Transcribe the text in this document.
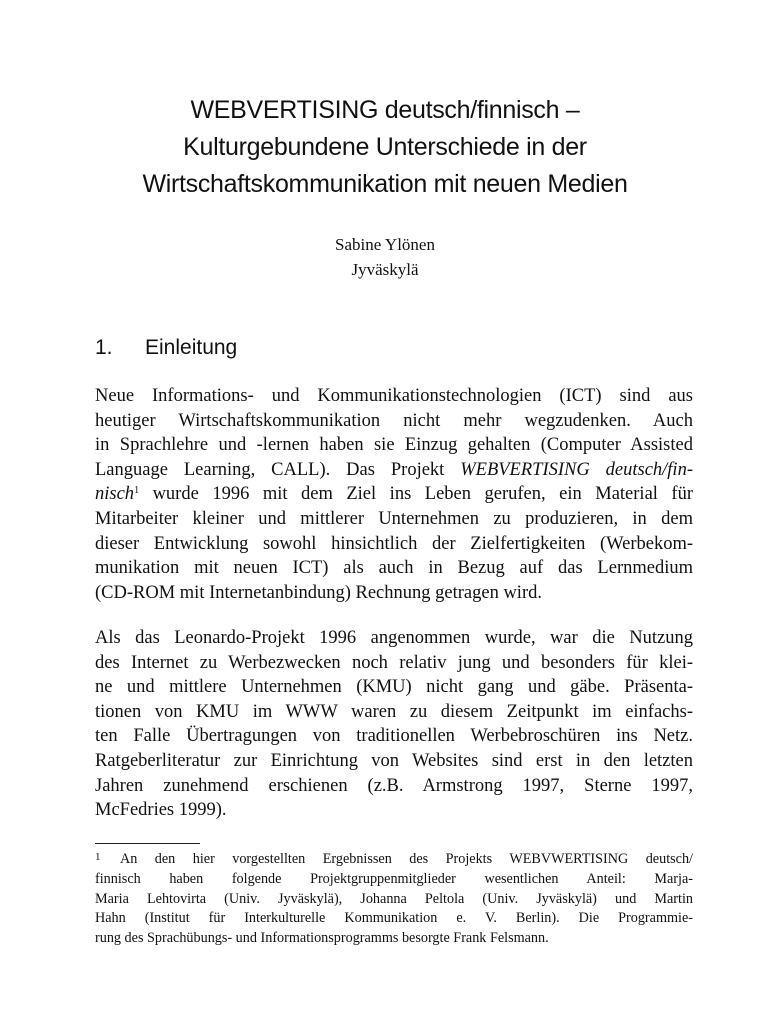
WEBVERTISING deutsch/finnisch –
Kulturgebundene Unterschiede in der
Wirtschaftskommunikation mit neuen Medien
Sabine Ylönen
Jyväskylä
1. Einleitung
Neue Informations- und Kommunikationstechnologien (ICT) sind aus
heutiger Wirtschaftskommunikation nicht mehr wegzudenken. Auch
in Sprachlehre und -lernen haben sie Einzug gehalten (Computer Assisted
Language Learning, CALL). Das Projekt WEBVERTISING deutsch/fin-
nisch$^1$ wurde 1996 mit dem Ziel ins Leben gerufen, ein Material für
Mitarbeiter kleiner und mittlerer Unternehmen zu produzieren, in dem
dieser Entwicklung sowohl hinsichtlich der Zielfertigkeiten (Werbekom-
munikation mit neuen ICT) als auch in Bezug auf das Lernmedium
(CD-ROM mit Internetanbindung) Rechnung getragen wird.
Als das Leonardo-Projekt 1996 angenommen wurde, war die Nutzung
des Internet zu Werbezwecken noch relativ jung und besonders für klei-
ne und mittlere Unternehmen (KMU) nicht gang und gäbe. Präsenta-
tionen von KMU im WWW waren zu diesem Zeitpunkt im einfachs-
ten Falle Übertragungen von traditionellen Werbebroschüren ins Netz.
Ratgeberliteratur zur Einrichtung von Websites sind erst in den letzten
Jahren zunehmend erschienen (z.B. Armstrong 1997, Sterne 1997,
McFedries 1999).
1 An den hier vorgestellten Ergebnissen des Projekts WEBVWERTISING deutsch/
finnisch haben folgende Projektgruppenmitglieder wesentlichen Anteil: Marja-
Maria Lehtovirta (Univ. Jyväskylä), Johanna Peltola (Univ. Jyväskylä) und Martin
Hahn (Institut für Interkulturelle Kommunikation e. V. Berlin). Die Programmie-
rung des Sprachübungs- und Informationsprogramms besorgte Frank Felsmann.
